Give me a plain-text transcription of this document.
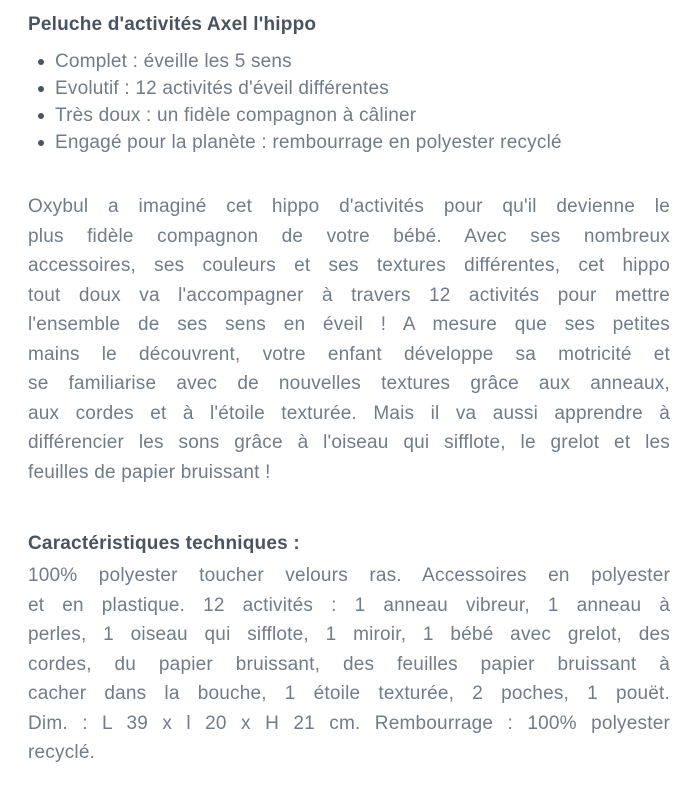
Peluche d'activités Axel l'hippo
Complet : éveille les 5 sens
Evolutif : 12 activités d'éveil différentes
Très doux : un fidèle compagnon à câliner
Engagé pour la planète : rembourrage en polyester recyclé
Oxybul a imaginé cet hippo d'activités pour qu'il devienne le
plus fidèle compagnon de votre bébé. Avec ses nombreux
accessoires, ses couleurs et ses textures différentes, cet hippo
tout doux va l'accompagner à travers 12 activités pour mettre
l'ensemble de ses sens en éveil ! A mesure que ses petites
mains le découvrent, votre enfant développe sa motricité et
se familiarise avec de nouvelles textures grâce aux anneaux,
aux cordes et à l'étoile texturée. Mais il va aussi apprendre à
différencier les sons grâce à l'oiseau qui sifflote, le grelot et les
feuilles de papier bruissant !
Caractéristiques techniques :
100% polyester toucher velours ras. Accessoires en polyester
et en plastique. 12 activités : 1 anneau vibreur, 1 anneau à
perles, 1 oiseau qui sifflote, 1 miroir, 1 bébé avec grelot, des
cordes, du papier bruissant, des feuilles papier bruissant à
cacher dans la bouche, 1 étoile texturée, 2 poches, 1 pouët.
Dim. : L 39 x l 20 x H 21 cm. Rembourrage : 100% polyester
recyclé.
